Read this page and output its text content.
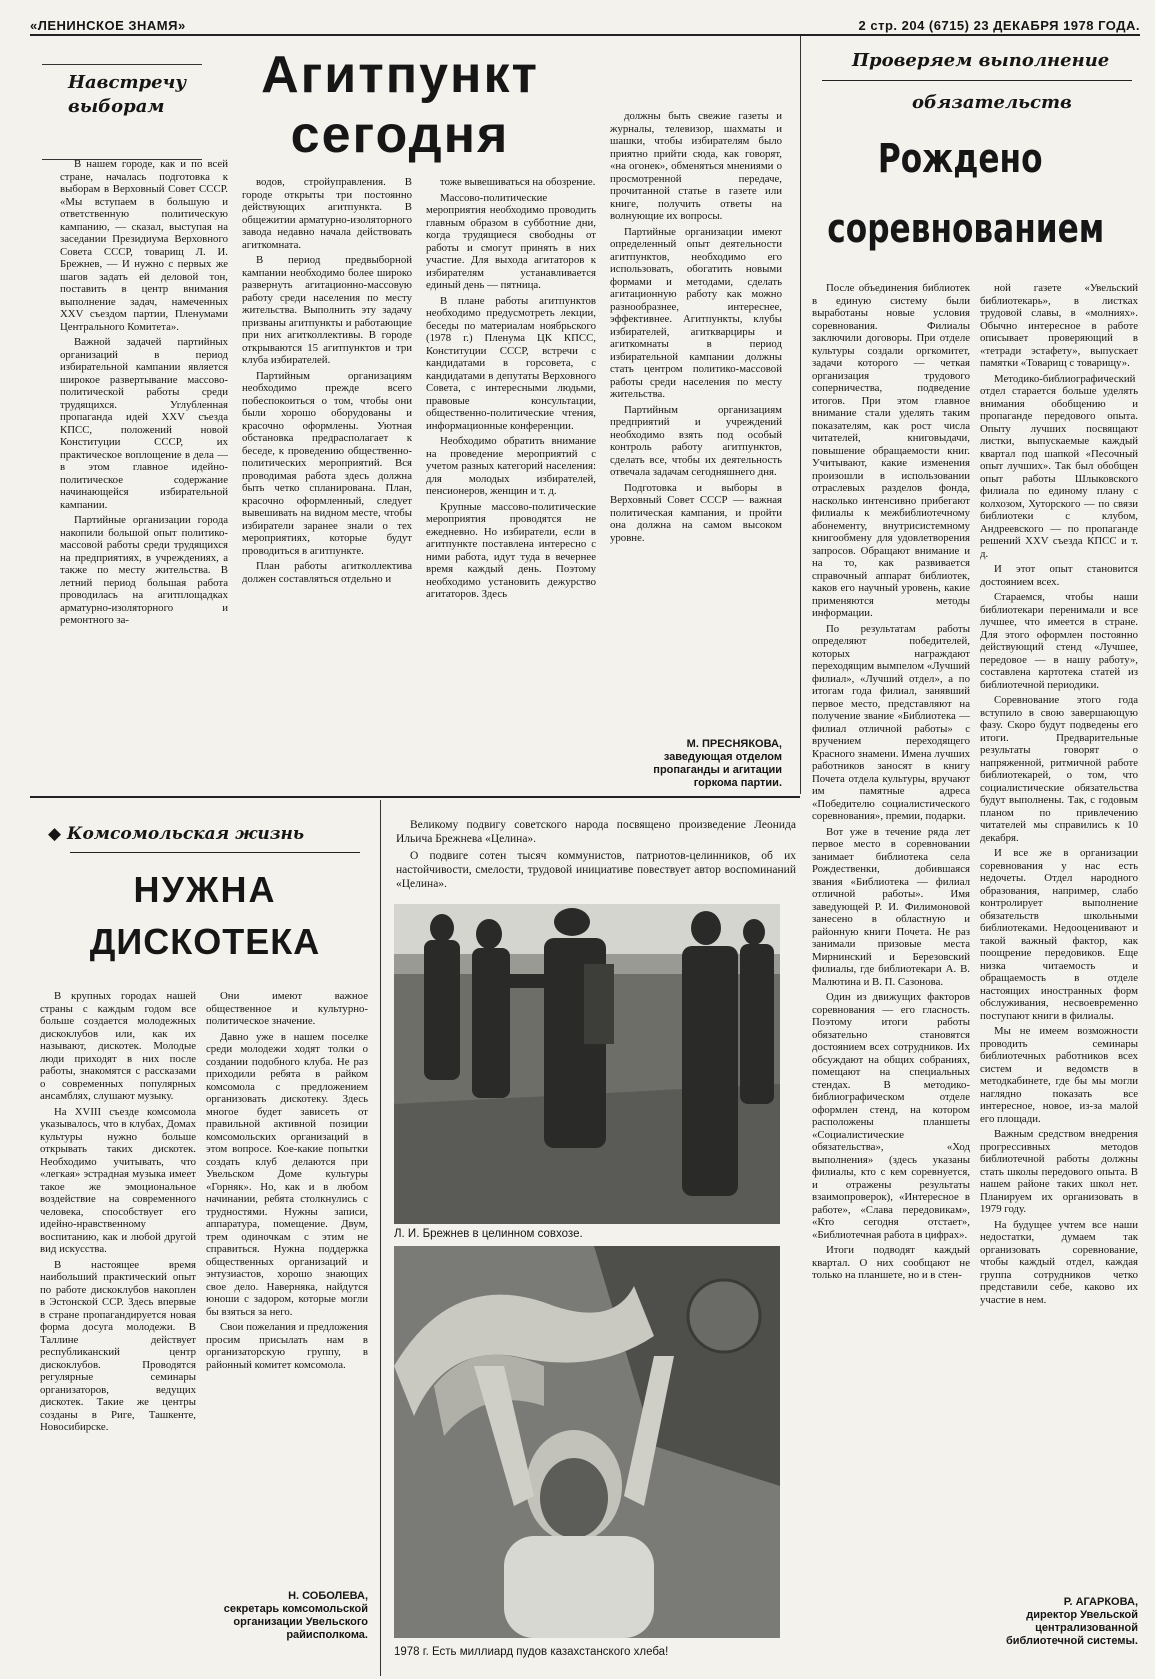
«ЛЕНИНСКОЕ ЗНАМЯ»	2 стр. 204 (6715) 23 ДЕКАБРЯ 1978 ГОДА.
Навстречу выборам
Агитпункт
сегодня

В нашем городе, как и по всей стране, началась подготовка к выборам в Верховный Совет СССР. «Мы вступаем в большую и ответственную политическую кампанию, — сказал, выступая на заседании Президиума Верховного Совета СССР, товарищ Л. И. Брежнев, — И нужно с первых же шагов задать ей деловой тон, поставить в центр внимания выполнение задач, намеченных XXV съездом партии, Пленумами Центрального Комитета».

Важной задачей партийных организаций в период избирательной кампании является широкое развертывание массово-политической работы среди трудящихся. Углубленная пропаганда идей XXV съезда КПСС, положений новой Конституции СССР, их практическое воплощение в дела — в этом главное идейно-политическое содержание начинающейся избирательной кампании.

Партийные организации города накопили большой опыт политико-массовой работы среди трудящихся на предприятиях, в учреждениях, а также по месту жительства. В летний период большая работа проводилась на агитплощадках арматурно-изоляторного и ремонтного за-

водов, стройуправления. В городе открыты три постоянно действующих агитпункта. В общежитии арматурно-изоляторного завода недавно начала действовать агиткомната.

В период предвыборной кампании необходимо более широко развернуть агитационно-массовую работу среди населения по месту жительства. Выполнить эту задачу призваны агитпункты и работающие при них агитколлективы. В городе открываются 15 агитпунктов и три клуба избирателей.

Партийным организациям необходимо прежде всего побеспокоиться о том, чтобы они были хорошо оборудованы и красочно оформлены. Уютная обстановка предрасполагает к беседе, к проведению общественно-политических мероприятий. Вся проводимая работа здесь должна быть четко спланирована. План, красочно оформленный, следует вывешивать на видном месте, чтобы избиратели заранее знали о тех мероприятиях, которые будут проводиться в агитпункте.

План работы агитколлектива должен составляться отдельно и

тоже вывешиваться на обозрение.

Массово-политические мероприятия необходимо проводить главным образом в субботние дни, когда трудящиеся свободны от работы и смогут принять в них участие. Для выхода агитаторов к избирателям устанавливается единый день — пятница.

В плане работы агитпунктов необходимо предусмотреть лекции, беседы по материалам ноябрьского (1978 г.) Пленума ЦК КПСС, Конституции СССР, встречи с кандидатами в горсовета, с кандидатами в депутаты Верховного Совета, с интересными людьми, правовые консультации, общественно-политические чтения, информационные конференции.

Необходимо обратить внимание на проведение мероприятий с учетом разных категорий населения: для молодых избирателей, пенсионеров, женщин и т. д.

Крупные массово-политические мероприятия проводятся не ежедневно. Но избиратели, если в агитпункте поставлена интересно с ними работа, идут туда в вечернее время каждый день. Поэтому необходимо установить дежурство агитаторов. Здесь

должны быть свежие газеты и журналы, телевизор, шахматы и шашки, чтобы избирателям было приятно прийти сюда, как говорят, «на огонек», обменяться мнениями о просмотренной передаче, прочитанной статье в газете или книге, получить ответы на волнующие их вопросы.

Партийные организации имеют определенный опыт деятельности агитпунктов, необходимо его использовать, обогатить новыми формами и методами, сделать агитационную работу как можно разнообразнее, интереснее, эффективнее. Агитпункты, клубы избирателей, агиткварциры и агиткомнаты в период избирательной кампании должны стать центром политико-массовой работы среди населения по месту жительства.

Партийным организациям предприятий и учреждений необходимо взять под особый контроль работу агитпунктов, сделать все, чтобы их деятельность отвечала задачам сегодняшнего дня.

Подготовка и выборы в Верховный Совет СССР — важная политическая кампания, и пройти она должна на самом высоком уровне.

М. ПРЕСНЯКОВА,
заведующая отделом пропаганды и агитации горкома партии.
Проверяем выполнение
обязательств
Рождено
соревнованием

После объединения библиотек в единую систему были выработаны новые условия соревнования. Филиалы заключили договоры. При отделе культуры создали оргкомитет, задачи которого — четкая организация трудового соперничества, подведение итогов. При этом главное внимание стали уделять таким показателям, как рост числа читателей, книговыдачи, повышение обращаемости книг. Учитывают, какие изменения произошли в использовании отраслевых разделов фонда, насколько интенсивно прибегают филиалы к межбиблиотечному абонементу, внутрисистемному книгообмену для удовлетворения запросов. Обращают внимание и на то, как развивается справочный аппарат библиотек, каков его научный уровень, какие применяются методы информации.

По результатам работы определяют победителей, которых награждают переходящим вымпелом «Лучший филиал», «Лучший отдел», а по итогам года филиал, занявший первое место, представляют на получение звание «Библиотека — филиал отличной работы» с вручением переходящего Красного знамени. Имена лучших работников заносят в книгу Почета отдела культуры, вручают им памятные адреса «Победителю социалистического соревнования», премии, подарки.

Вот уже в течение ряда лет первое место в соревновании занимает библиотека села Рождественки, добившаяся звания «Библиотека — филиал отличной работы». Имя заведующей Р. И. Филимоновой занесено в областную и районную книги Почета. Не раз занимали призовые места Мирнинский и Березовский филиалы, где библиотекари А. В. Малютина и В. П. Сазонова.

Один из движущих факторов соревнования — его гласность. Поэтому итоги работы обязательно становятся достоянием всех сотрудников. Их обсуждают на общих собраниях, помещают на специальных стендах. В методико-библиографическом отделе оформлен стенд, на котором расположены планшеты «Социалистические обязательства», «Ход выполнения» (здесь указаны филиалы, кто с кем соревнуется, и отражены результаты взаимопроверок), «Интересное в работе», «Слава передовикам», «Кто сегодня отстает», «Библиотечная работа в цифрах».

Итоги подводят каждый квартал. О них сообщают не только на планшете, но и в стен-

ной газете «Увельский библиотекарь», в листках трудовой славы, в «молниях». Обычно интересное в работе описывает проверяющий в «тетради эстафету», выпускает памятки «Товарищ с товарищу».

Методико-библиографический отдел старается больше уделять внимания обобщению и пропаганде передового опыта. Опыту лучших посвящают листки, выпускаемые каждый квартал под шапкой «Песочный опыт лучших». Так был обобщен опыт работы Шлыковского филиала по единому плану с колхозом, Хуторского — по связи библиотеки с клубом, Андреевского — по пропаганде решений XXV съезда КПСС и т. д.

И этот опыт становится достоянием всех.

Стараемся, чтобы наши библиотекари перенимали и все лучшее, что имеется в стране. Для этого оформлен постоянно действующий стенд «Лучшее, передовое — в нашу работу», составлена картотека статей из библиотечной периодики.

Соревнование этого года вступило в свою завершающую фазу. Скоро будут подведены его итоги. Предварительные результаты говорят о напряженной, ритмичной работе библиотекарей, о том, что социалистические обязательства будут выполнены. Так, с годовым планом по привлечению читателей мы справились к 10 декабря.

И все же в организации соревнования у нас есть недочеты. Отдел народного образования, например, слабо контролирует выполнение обязательств школьными библиотеками. Недооценивают и такой важный фактор, как поощрение передовиков. Еще низка читаемость и обращаемость в отделе настоящих иностранных форм обслуживания, несвоевременно поступают книги в филиалы.

Мы не имеем возможности проводить семинары библиотечных работников всех систем и ведомств в методкабинете, где бы мы могли наглядно показать все интересное, новое, из-за малой его площади.

Важным средством внедрения прогрессивных методов библиотечной работы должны стать школы передового опыта. В нашем районе таких школ нет. Планируем их организовать в 1979 году.

На будущее учтем все наши недостатки, думаем так организовать соревнование, чтобы каждый отдел, каждая группа сотрудников четко представили себе, каково их участие в нем.

Р. АГАРКОВА,
директор Увельской централизованной библиотечной системы.
◆ Комсомольская жизнь
НУЖНА
ДИСКОТЕКА

В крупных городах нашей страны с каждым годом все больше создается молодежных дискоклубов или, как их называют, дискотек. Молодые люди приходят в них после работы, знакомятся с рассказами о современных популярных ансамблях, слушают музыку.

На XVIII съезде комсомола указывалось, что в клубах, Домах культуры нужно больше открывать таких дискотек. Необходимо учитывать, что «легкая» эстрадная музыка имеет такое же эмоциональное воздействие на современного человека, способствует его идейно-нравственному воспитанию, как и любой другой вид искусства.

В настоящее время наибольший практический опыт по работе дискоклубов накоплен в Эстонской ССР. Здесь впервые в стране пропагандируется новая форма досуга молодежи. В Таллине действует республиканский центр дискоклубов. Проводятся регулярные семинары организаторов, ведущих дискотек. Такие же центры созданы в Риге, Ташкенте, Новосибирске.

Они имеют важное общественное и культурно-политическое значение.

Давно уже в нашем поселке среди молодежи ходят толки о создании подобного клуба. Не раз приходили ребята в райком комсомола с предложением организовать дискотеку. Здесь многое будет зависеть от правильной активной позиции комсомольских организаций в этом вопросе. Кое-какие попытки создать клуб делаются при Увельском Доме культуры «Горняк». Но, как и в любом начинании, ребята столкнулись с трудностями. Нужны записи, аппаратура, помещение. Двум, трем одиночкам с этим не справиться. Нужна поддержка общественных организаций и энтузиастов, хорошо знающих свое дело. Наверняка, найдутся юноши с задором, которые могли бы взяться за него.

Свои пожелания и предложения просим присылать нам в организаторскую группу, в районный комитет комсомола.

Н. СОБОЛЕВА,
секретарь комсомольской организации Увельского райисполкома.

Великому подвигу советского народа посвящено произведение Леонида Ильича Брежнева «Целина».

О подвиге сотен тысяч коммунистов, патриотов-целинников, об их настойчивости, смелости, трудовой инициативе повествует автор воспоминаний «Целина».

Л. И. Брежнев в целинном совхозе.
1978 г. Есть миллиард пудов казахстанского хлеба!
